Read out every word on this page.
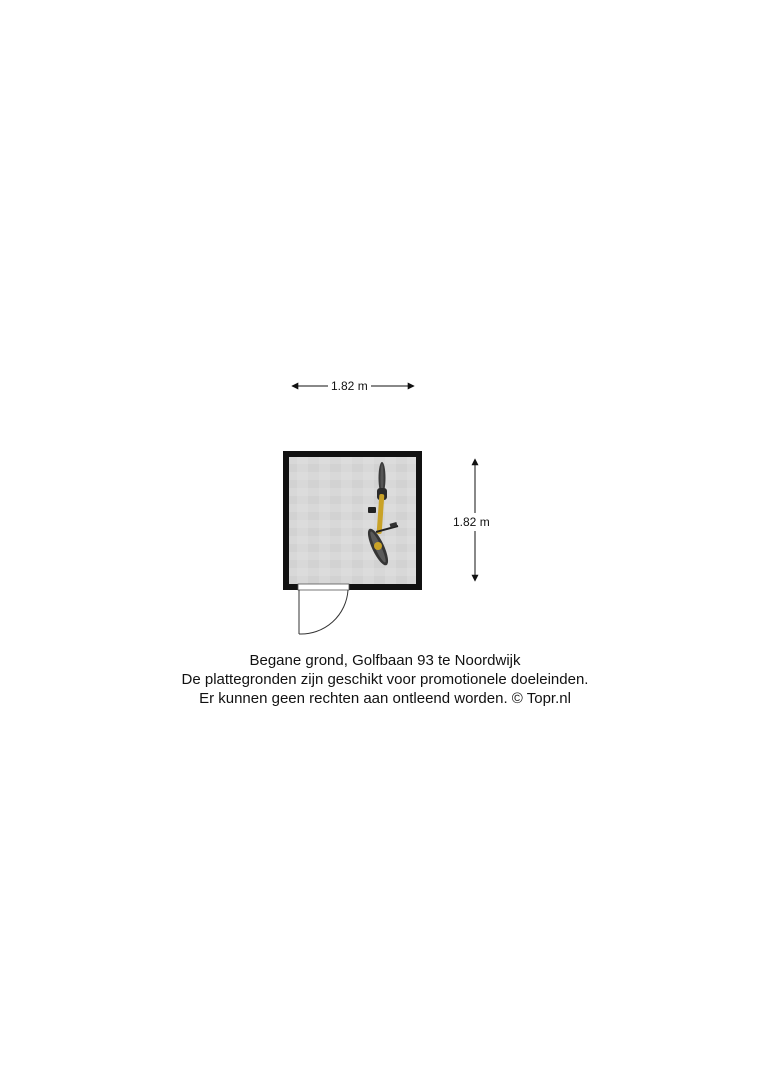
1.82 m
1.82 m
Begane grond, Golfbaan 93 te Noordwijk
De plattegronden zijn geschikt voor promotionele doeleinden.
Er kunnen geen rechten aan ontleend worden. © Topr.nl
